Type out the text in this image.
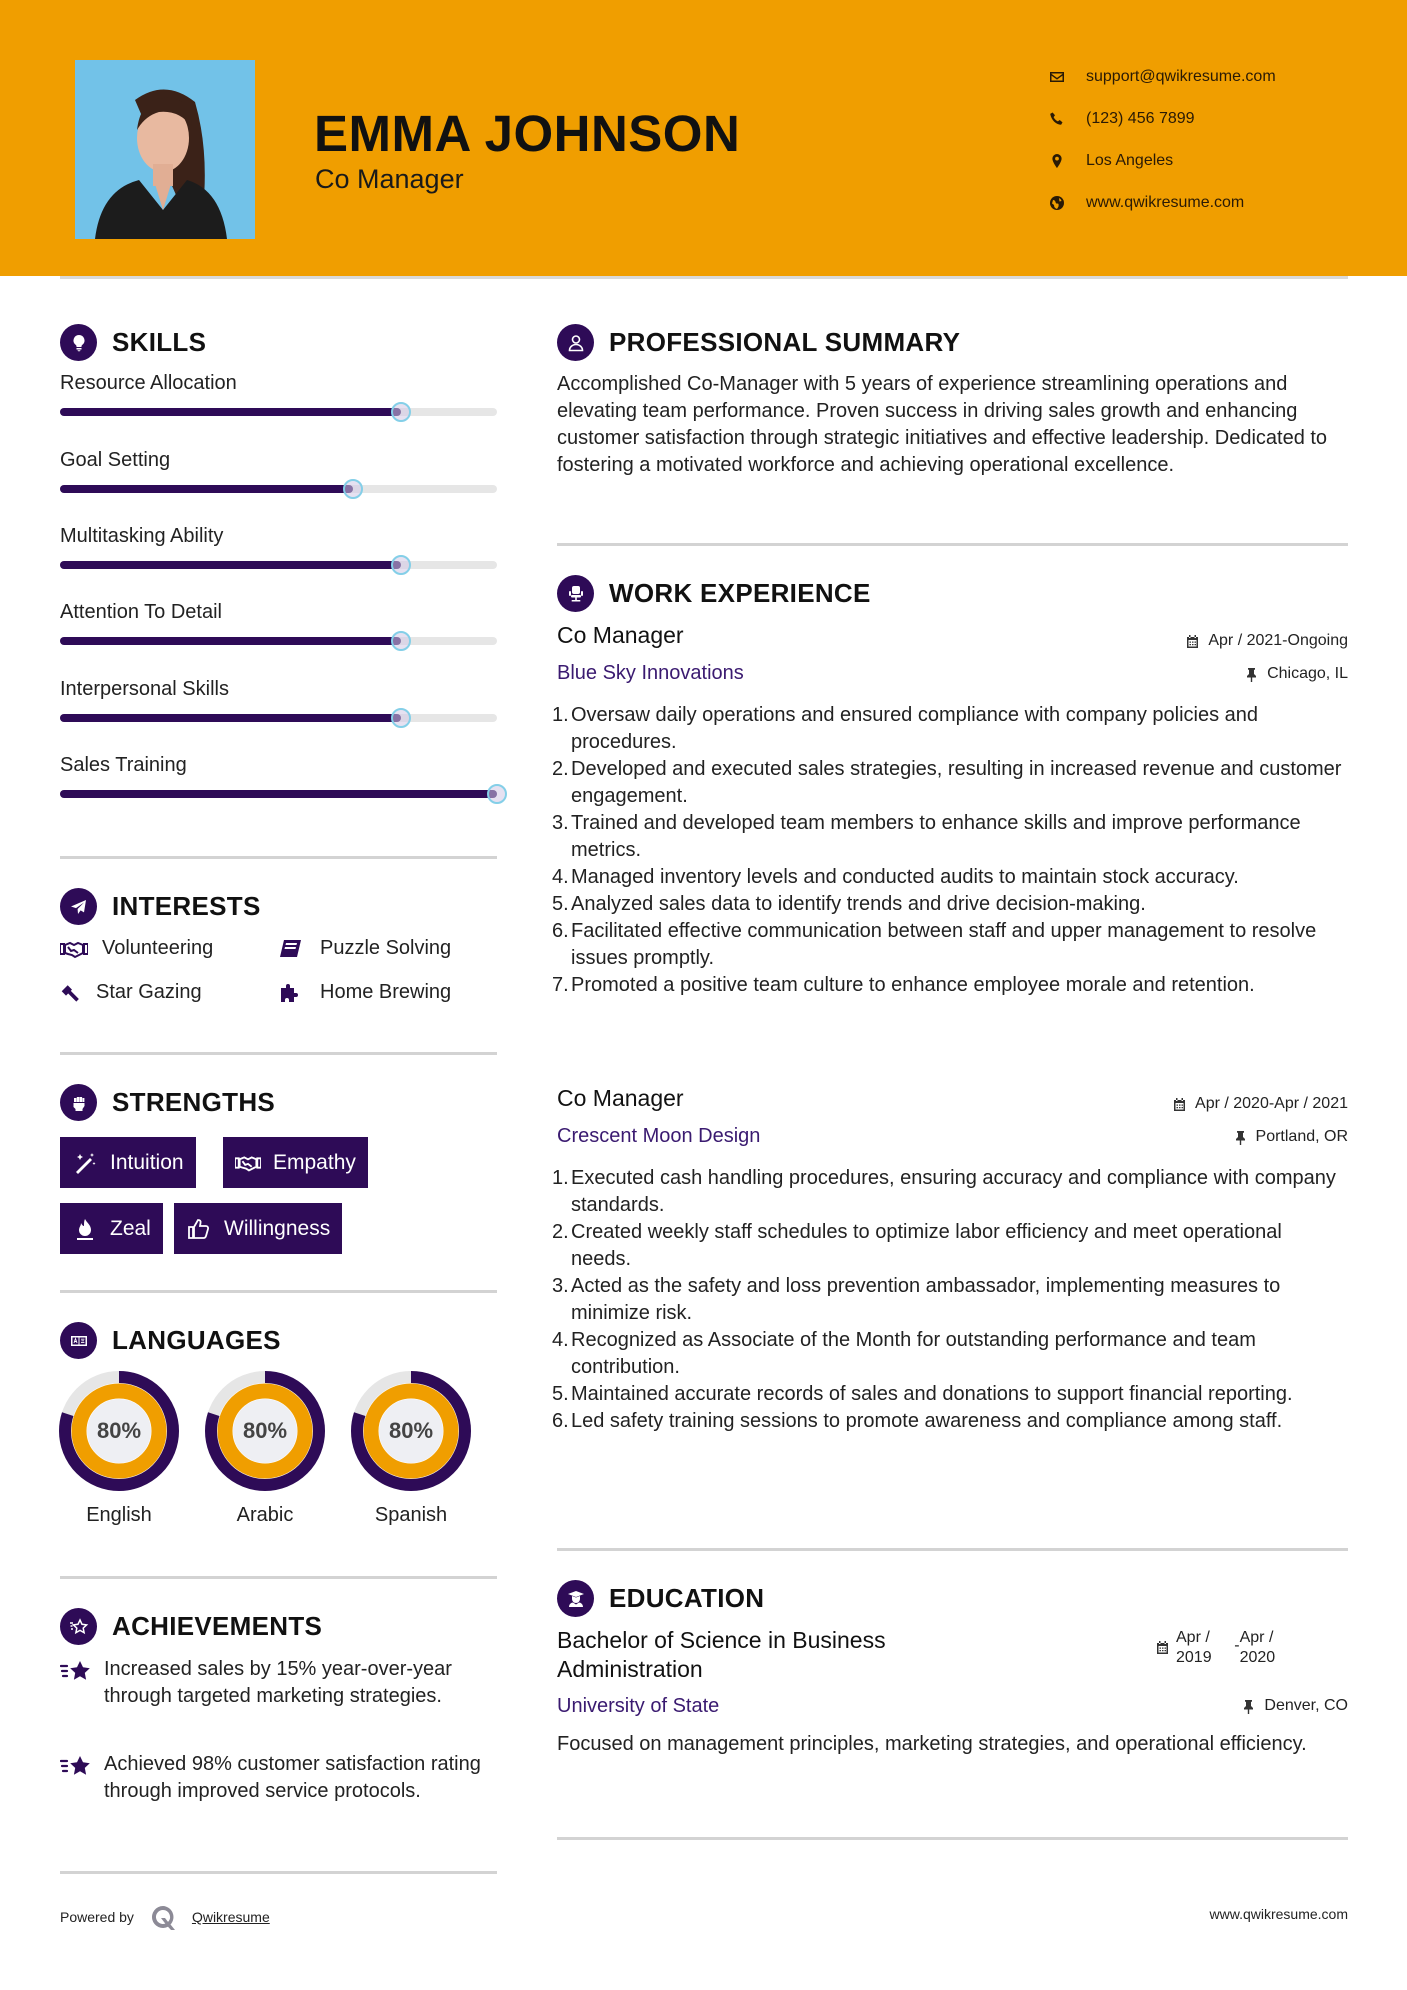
EMMA JOHNSON
Co Manager
support@qwikresume.com
(123) 456 7899
Los Angeles
www.qwikresume.com
SKILLS
Resource Allocation
Goal Setting
Multitasking Ability
Attention To Detail
Interpersonal Skills
Sales Training
INTERESTS
Volunteering	Puzzle Solving
Star Gazing	Home Brewing
STRENGTHS
Intuition	Empathy
Zeal	Willingness
LANGUAGES
80%
English
80%
Arabic
80%
Spanish
ACHIEVEMENTS
Increased sales by 15% year-over-year through targeted marketing strategies.
Achieved 98% customer satisfaction rating through improved service protocols.
Powered by	Qwikresume
PROFESSIONAL SUMMARY
Accomplished Co-Manager with 5 years of experience streamlining operations and elevating team performance. Proven success in driving sales growth and enhancing customer satisfaction through strategic initiatives and effective leadership. Dedicated to fostering a motivated workforce and achieving operational excellence.
WORK EXPERIENCE
Co Manager	Apr / 2021-Ongoing
Blue Sky Innovations	Chicago, IL
1. Oversaw daily operations and ensured compliance with company policies and procedures.
2. Developed and executed sales strategies, resulting in increased revenue and customer engagement.
3. Trained and developed team members to enhance skills and improve performance metrics.
4. Managed inventory levels and conducted audits to maintain stock accuracy.
5. Analyzed sales data to identify trends and drive decision-making.
6. Facilitated effective communication between staff and upper management to resolve issues promptly.
7. Promoted a positive team culture to enhance employee morale and retention.
Co Manager	Apr / 2020-Apr / 2021
Crescent Moon Design	Portland, OR
1. Executed cash handling procedures, ensuring accuracy and compliance with company standards.
2. Created weekly staff schedules to optimize labor efficiency and meet operational needs.
3. Acted as the safety and loss prevention ambassador, implementing measures to minimize risk.
4. Recognized as Associate of the Month for outstanding performance and team contribution.
5. Maintained accurate records of sales and donations to support financial reporting.
6. Led safety training sessions to promote awareness and compliance among staff.
EDUCATION
Bachelor of Science in Business Administration
Apr /
2019
- Apr /
2020
University of State	Denver, CO
Focused on management principles, marketing strategies, and operational efficiency.
www.qwikresume.com
